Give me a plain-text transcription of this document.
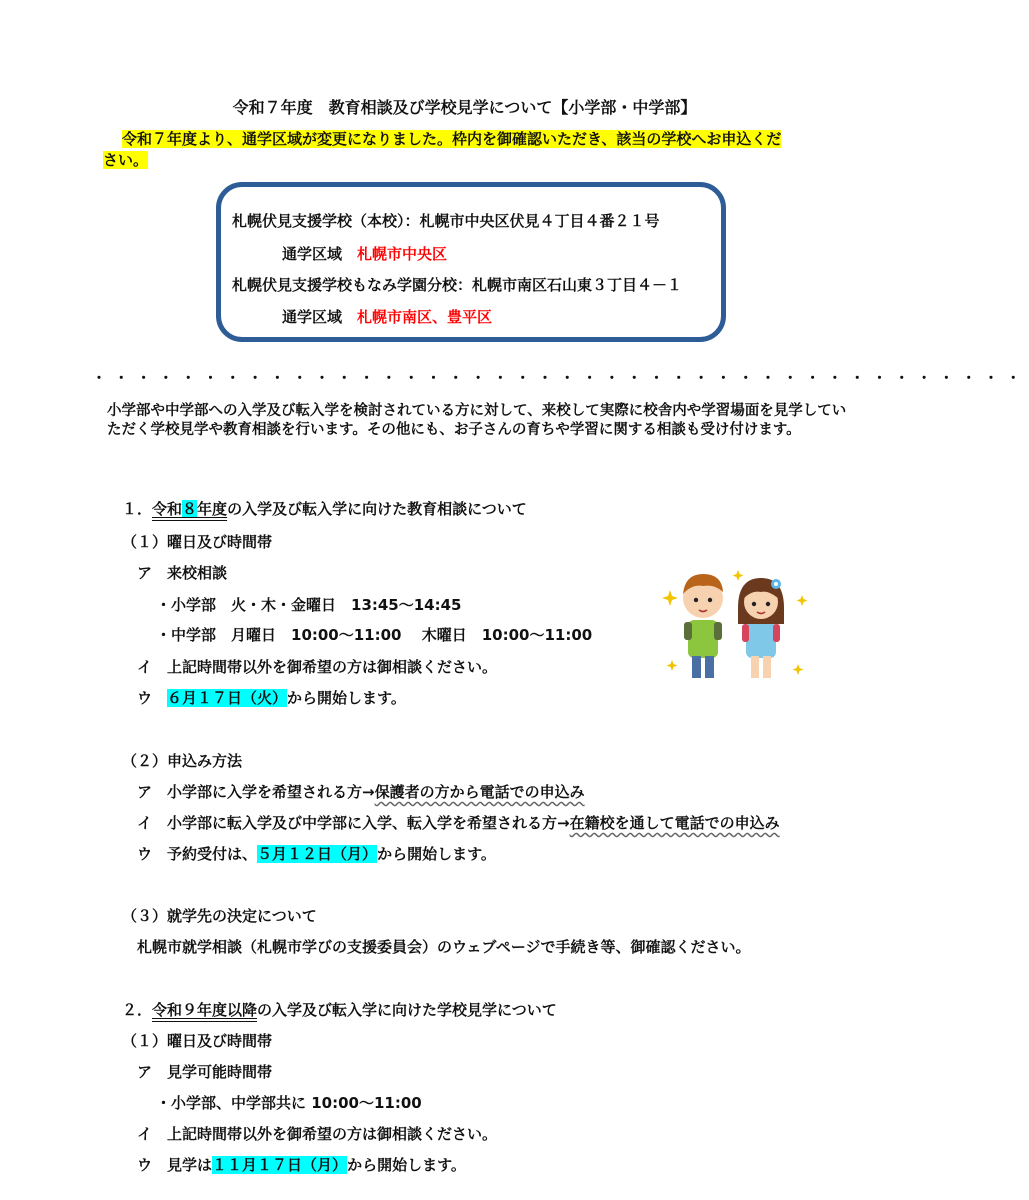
令和７年度　教育相談及び学校見学について【小学部・中学部】
令和７年度より、通学区域が変更になりました。枠内を御確認いただき、該当の学校へお申込くだ
さい。
札幌伏見支援学校（本校）：札幌市中央区伏見４丁目４番２１号
通学区域　 札幌市中央区
札幌伏見支援学校もなみ学園分校：札幌市南区石山東３丁目４－１
通学区域　 札幌市南区、豊平区
・・・・・・・・・・・・・・・・・・・・・・・・・・・・・・・・・・・・・・・・・・
小学部や中学部への入学及び転入学を検討されている方に対して、来校して実際に校舎内や学習場面を見学していただく学校見学や教育相談を行います。その他にも、お子さんの育ちや学習に関する相談も受け付けます。
１．令和８年度の入学及び転入学に向けた教育相談について
（１）曜日及び時間帯
ア　 来校相談
・小学部　火・木・金曜日　13:45～14:45
・中学部　月曜日　10:00～11:00　 木曜日　10:00～11:00
イ　 上記時間帯以外を御希望の方は御相談ください。
ウ　 ６月１７日（火）から開始します。
（２）申込み方法
ア　 小学部に入学を希望される方→保護者の方から電話での申込み
イ　 小学部に転入学及び中学部に入学、転入学を希望される方→在籍校を通して電話での申込み
ウ　 予約受付は、５月１２日（月）から開始します。
（３）就学先の決定について
札幌市就学相談（札幌市学びの支援委員会）のウェブページで手続き等、御確認ください。
２．令和９年度以降の入学及び転入学に向けた学校見学について
（１）曜日及び時間帯
ア　 見学可能時間帯
・小学部、中学部共に 10:00～11:00
イ　 上記時間帯以外を御希望の方は御相談ください。
ウ　 見学は１１月１７日（月）から開始します。
